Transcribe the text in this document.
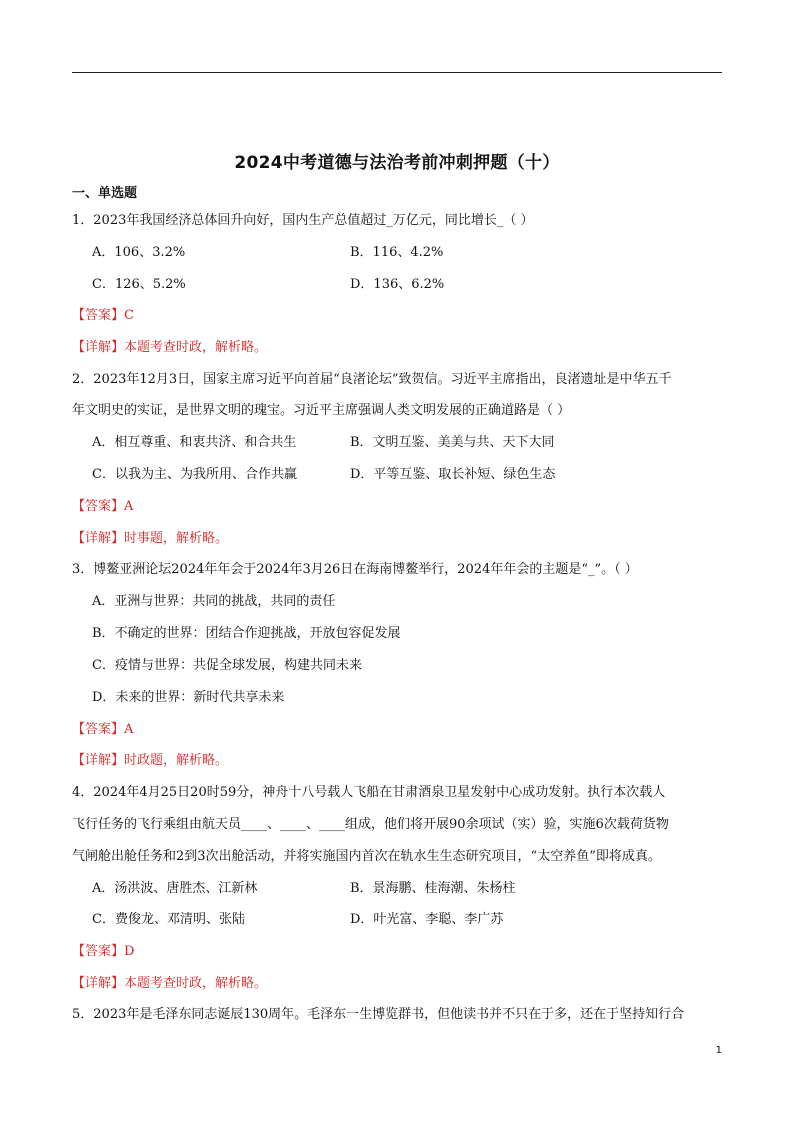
2024中考道德与法治考前冲刺押题（十）
一、单选题
1．2023年我国经济总体回升向好，国内生产总值超过_万亿元，同比增长_（ ）
A．106、3.2%	B．116、4.2%
C．126、5.2%	D．136、6.2%
【答案】C
【详解】本题考查时政，解析略。
2．2023年12月3日，国家主席习近平向首届“良渚论坛”致贺信。习近平主席指出，良渚遗址是中华五千
年文明史的实证，是世界文明的瑰宝。习近平主席强调人类文明发展的正确道路是（ ）
A．相互尊重、和衷共济、和合共生	B．文明互鉴、美美与共、天下大同
C．以我为主、为我所用、合作共赢	D．平等互鉴、取长补短、绿色生态
【答案】A
【详解】时事题，解析略。
3．博鳌亚洲论坛2024年年会于2024年3月26日在海南博鳌举行，2024年年会的主题是“_”。（ ）
A．亚洲与世界：共同的挑战，共同的责任
B．不确定的世界：团结合作迎挑战，开放包容促发展
C．疫情与世界：共促全球发展，构建共同未来
D．未来的世界：新时代共享未来
【答案】A
【详解】时政题，解析略。
4．2024年4月25日20时59分，神舟十八号载人飞船在甘肃酒泉卫星发射中心成功发射。执行本次载人
飞行任务的飞行乘组由航天员____、____、____组成，他们将开展90余项试（实）验，实施6次载荷货物
气闸舱出舱任务和2到3次出舱活动，并将实施国内首次在轨水生生态研究项目，“太空养鱼”即将成真。
A．汤洪波、唐胜杰、江新林	B．景海鹏、桂海潮、朱杨柱
C．费俊龙、邓清明、张陆	D．叶光富、李聪、李广苏
【答案】D
【详解】本题考查时政，解析略。
5．2023年是毛泽东同志诞辰130周年。毛泽东一生博览群书，但他读书并不只在于多，还在于坚持知行合
1
